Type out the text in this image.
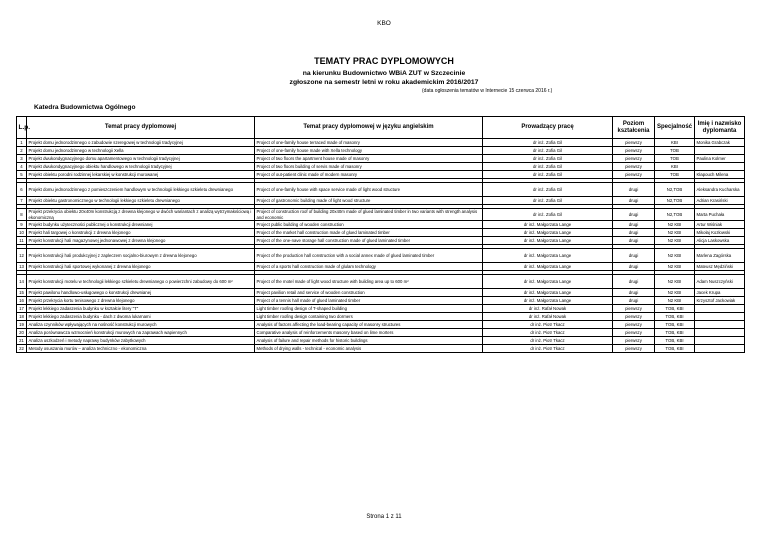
KBO
TEMATY PRAC DYPLOMOWYCH
na kierunku Budownictwo WBiA ZUT w Szczecinie
zgłoszone na semestr letni w roku akademickim 2016/2017
(data ogłoszenia tematów w Internecie 15 czerwca 2016 r.)
Katedra Budownictwa Ogólnego
L.p.	Temat pracy dyplomowej	Temat pracy dyplomowej w języku angielskim	Prowadzący pracę	Poziom kształcenia	Specjalność	Imię i nazwisko dyplomanta
1	Projekt domu jednorodzinnego o zabudowie szeregowej w technologii tradycyjnej	Project of one-family house terraced made of masonry	dr inż. Zofia Gil	pierwszy	KBI	Monika Grabczak
2	Projekt domu jednorodzinnego w technologii Xella	Project of one-family house made with Xella technology	dr inż. Zofia Gil	pierwszy	TOB	
3	Projekt dwukondygnacyjnego domu apartamentowego w technologii tradycyjnej	Project of two floors the apartment house made of masonry	dr inż. Zofia Gil	pierwszy	TOB	Paulina Kolmer
4	Projekt dwukondygnacyjnego obiektu handlowego w technologii tradycyjnej	Project of two floors building of servis made of masonry	dr inż. Zofia Gil	pierwszy	KBI	
5	Projekt obiektu porodni rodzinnej lekarskiej w konstrukcji murowanej	Project of out-patient clinic made of modern masonry	dr inż. Zofia Gil	pierwszy	TOB	Kłapouch Milena

6	Projekt domu jednorodzinnego z pomieszczeniem handlowym w technologii lekkiego szkieletu drewnianego	Project of one-family house with space service made of light wood structure	dr inż. Zofia Gil	drugi	N2,TOB	Aleksandra Kucharska
7	Projekt obiektu gastronomicznego w technologii lekkiego szkieletu drewnianego	Project of gastronomic building made of light wood structure	dr inż. Zofia Gil	drugi	N2,TOB	Adrian Krasiński

8	Projekt przekrycia obiektu 20x40m konstrukcją z drewna klejonego w dwóch wariantach z analizą wytrzymałościową i ekonomiczną	Project of construction roof of building 20x40m made of glued laminated timber in two variants with strength analysis and economic	dr inż. Zofia Gil	drugi	N2,TOB	Marta Puchała
9	Projekt budynku użyteczności publicznej o konstrukcji drewnianej	Project public building of wooden construction	dr inż. Małgorzata Lange	drugi	N2 KBI	Artur Wiśniak
10	Projekt hali targowej o konstrukcji z drewna klejonego	Project of the market hall construction made of glued laminated timber	dr inż. Małgorzata Lange	drugi	N2 KBI	Mikołaj Kozłowski
11	Projekt konstrukcji hali magazynowej jednonawowej z drewna klejonego	Project of the one-nave storage hall construction made of glued laminated timber	dr inż. Małgorzata Lange	drugi	N2 KBI	Alicja Laskowska

12	Projekt konstrukcji hali produkcyjnej z zapleczem socjalno-biurowym z drewna klejonego	Project of the production hall construction with a social annex made of glued laminated timber	dr inż. Małgorzata Lange	drugi	N2 KBI	Marlena Zagórska
13	Projekt konstrukcji hali sportowej wykonanej z drewna klejonego	Project of a sports hall construction made of glulam technology	dr inż. Małgorzata Lange	drugi	N2 KBI	Mateusz Mędziński

14	Projekt konstrukcji motelu w technologii lekkiego szkieletu drewnianego o powierzchni zabudowy do 600 m²	Project of the motel made of light wood structure with building area up to 600 m²	dr inż. Małgorzata Lange	drugi	N2 KBI	Adam Nuszczyński
15	Projekt pawilonu handlowo-usługowego o konstrukcji drewnianej	Project pavilion retail and service of wooden construction	dr inż. Małgorzata Lange	drugi	N2 KBI	Jacek Krupa
16	Projekt przekrycia kortu tenisowego z drewna klejonego	Project of a tennis hall made of glued laminated timber	dr inż. Małgorzata Lange	drugi	N2 KBI	Krzysztof Jackowiak
17	Projekt lekkiego zadaszenia budynku w kształcie litery "T"	Light timber roofing design of T-shaped building	dr inż. Rafał Nowak	pierwszy	TOB, KBI	
18	Projekt lekkiego zadaszenia budynku - dach z dwoma lukarnami	Light timber roofing design containing two dormers	dr inż. Rafał Nowak	pierwszy	TOB, KBI	
19	Analiza czynników wpływających na nośność konstrukcji murowych	Analysis of factors affecting the load-bearing capacity of masonry structures	dr inż. Piotr Tkacz	pierwszy	TOB, KBI	
20	Analiza porównawcza wzmocnień konstrukcji murowych na zaprawach wapiennych	Comparative analysis of reinforcements masonry based on lime morters	dr inż. Piotr Tkacz	pierwszy	TOB, KBI	
21	Analiza uszkodzeń i metody naprawy budynków zabytkowych	Analysis of failure and repair methods for historic buildings	dr inż. Piotr Tkacz	pierwszy	TOB, KBI	
22	Metody osuszania murów – analiza techniczno - ekonomiczna	Methods of drying walls - technical - economic analysis	dr inż. Piotr Tkacz	pierwszy	TOB, KBI	
Strona 1 z 11
